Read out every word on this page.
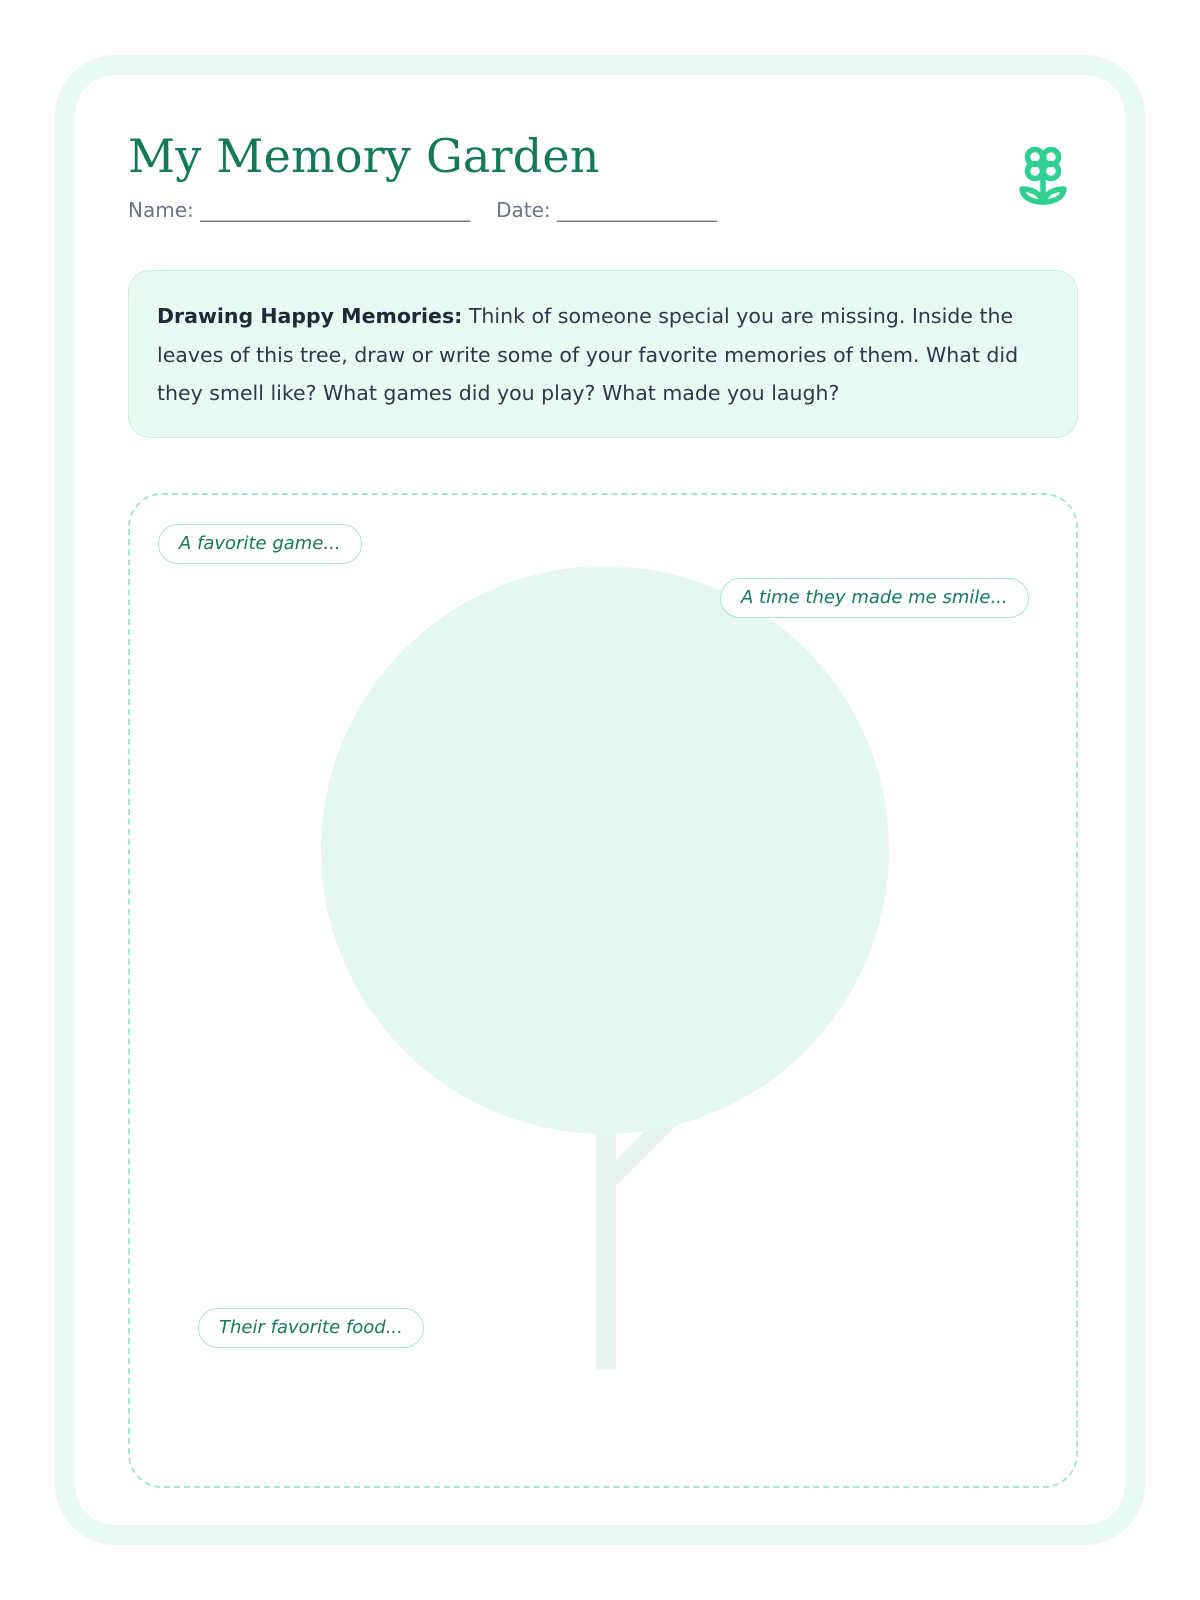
My Memory Garden
Name: ___________________________ Date: ________________
Drawing Happy Memories: Think of someone special you are missing. Inside the leaves of this tree, draw or write some of your favorite memories of them. What did they smell like? What games did you play? What made you laugh?
A favorite game...
A time they made me smile...
Their favorite food...
